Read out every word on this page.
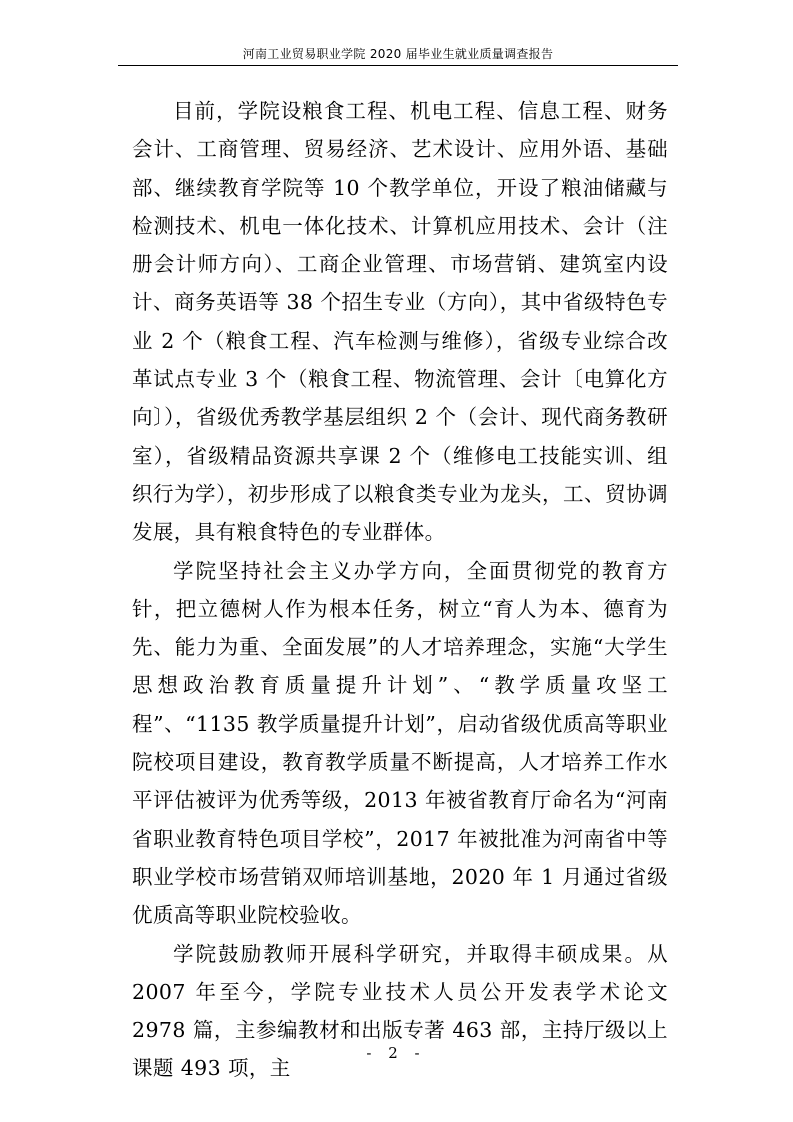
河南工业贸易职业学院 2020 届毕业生就业质量调查报告

目前，学院设粮食工程、机电工程、信息工程、财务会计、工商管理、贸易经济、艺术设计、应用外语、基础部、继续教育学院等 10 个教学单位，开设了粮油储藏与检测技术、机电一体化技术、计算机应用技术、会计（注册会计师方向）、工商企业管理、市场营销、建筑室内设计、商务英语等 38 个招生专业（方向），其中省级特色专业 2 个（粮食工程、汽车检测与维修），省级专业综合改革试点专业 3 个（粮食工程、物流管理、会计〔电算化方向〕），省级优秀教学基层组织 2 个（会计、现代商务教研室），省级精品资源共享课 2 个（维修电工技能实训、组织行为学），初步形成了以粮食类专业为龙头，工、贸协调发展，具有粮食特色的专业群体。

学院坚持社会主义办学方向，全面贯彻党的教育方针，把立德树人作为根本任务，树立“育人为本、德育为先、能力为重、全面发展”的人才培养理念，实施“大学生思想政治教育质量提升计划”、“教学质量攻坚工程”、“1135 教学质量提升计划”，启动省级优质高等职业院校项目建设，教育教学质量不断提高，人才培养工作水平评估被评为优秀等级，2013 年被省教育厅命名为“河南省职业教育特色项目学校”，2017 年被批准为河南省中等职业学校市场营销双师培训基地，2020 年 1 月通过省级优质高等职业院校验收。

学院鼓励教师开展科学研究，并取得丰硕成果。从 2007 年至今，学院专业技术人员公开发表学术论文 2978 篇，主参编教材和出版专著 463 部，主持厅级以上课题 493 项，主

- 2 -
